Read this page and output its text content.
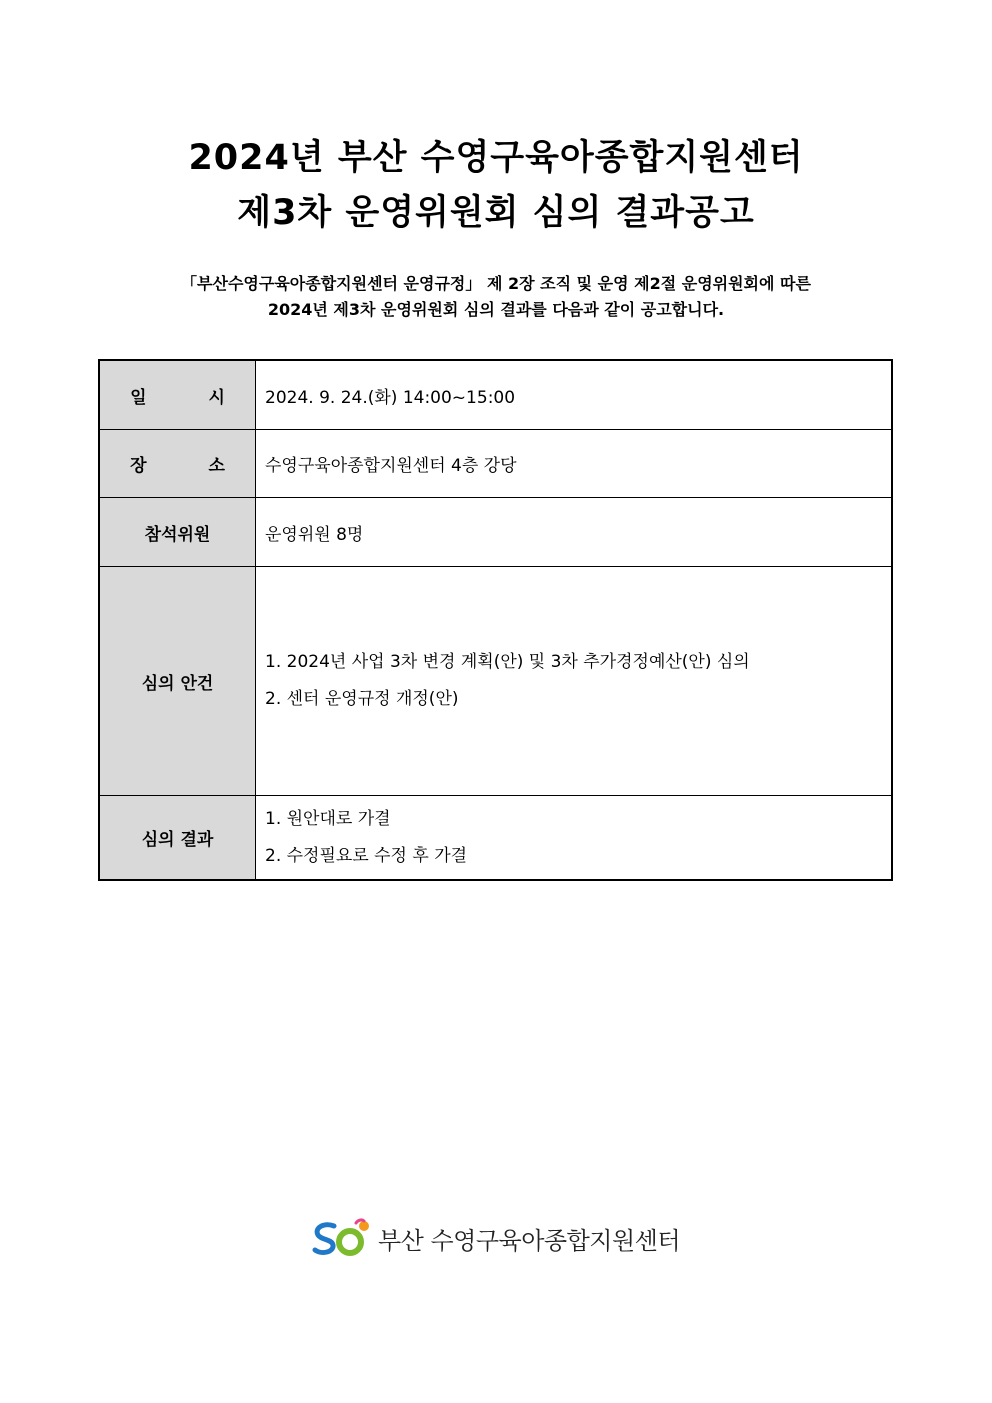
2024년 부산 수영구육아종합지원센터
제3차 운영위원회 심의 결과공고

「부산수영구육아종합지원센터 운영규정」 제 2장 조직 및 운영 제2절 운영위원회에 따른

2024년 제3차 운영위원회 심의 결과를 다음과 같이 공고합니다.

일 시	2024. 9. 24.(화) 14:00~15:00
장 소	수영구육아종합지원센터 4층 강당
참석위원	운영위원 8명
심의 안건	1. 2024년 사업 3차 변경 계획(안) 및 3차 추가경정예산(안) 심의
2. 센터 운영규정 개정(안)

심의 결과	1. 원안대로 가결
2. 수정필요로 수정 후 가결
부산 수영구육아종합지원센터
